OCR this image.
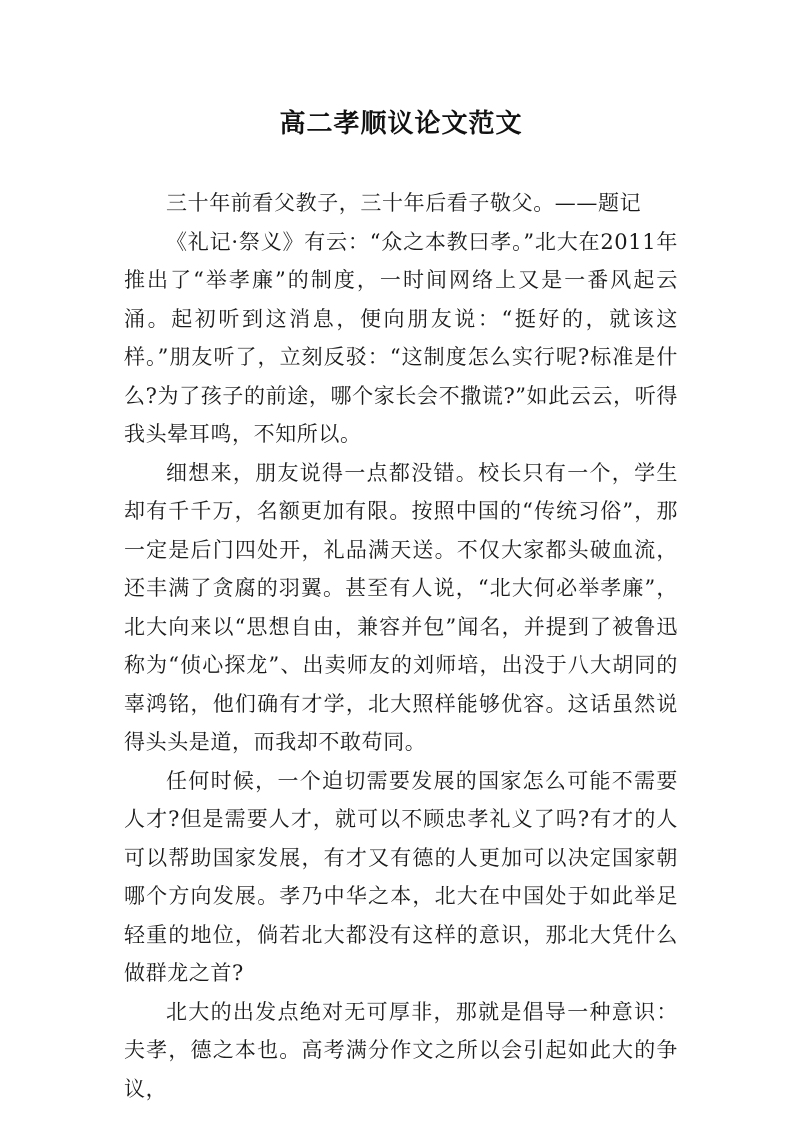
高二孝顺议论文范文

三十年前看父教子，三十年后看子敬父。——题记

《礼记·祭义》有云：“众之本教曰孝。”北大在2011年推出了“举孝廉”的制度，一时间网络上又是一番风起云涌。起初听到这消息，便向朋友说：“挺好的，就该这样。”朋友听了，立刻反驳：“这制度怎么实行呢?标准是什么?为了孩子的前途，哪个家长会不撒谎?”如此云云，听得我头晕耳鸣，不知所以。

细想来，朋友说得一点都没错。校长只有一个，学生却有千千万，名额更加有限。按照中国的“传统习俗”，那一定是后门四处开，礼品满天送。不仅大家都头破血流，还丰满了贪腐的羽翼。甚至有人说，“北大何必举孝廉”，北大向来以“思想自由，兼容并包”闻名，并提到了被鲁迅称为“侦心探龙”、出卖师友的刘师培，出没于八大胡同的辜鸿铭，他们确有才学，北大照样能够优容。这话虽然说得头头是道，而我却不敢苟同。

任何时候，一个迫切需要发展的国家怎么可能不需要人才?但是需要人才，就可以不顾忠孝礼义了吗?有才的人可以帮助国家发展，有才又有德的人更加可以决定国家朝哪个方向发展。孝乃中华之本，北大在中国处于如此举足轻重的地位，倘若北大都没有这样的意识，那北大凭什么做群龙之首?

北大的出发点绝对无可厚非，那就是倡导一种意识：夫孝，德之本也。高考满分作文之所以会引起如此大的争议，
